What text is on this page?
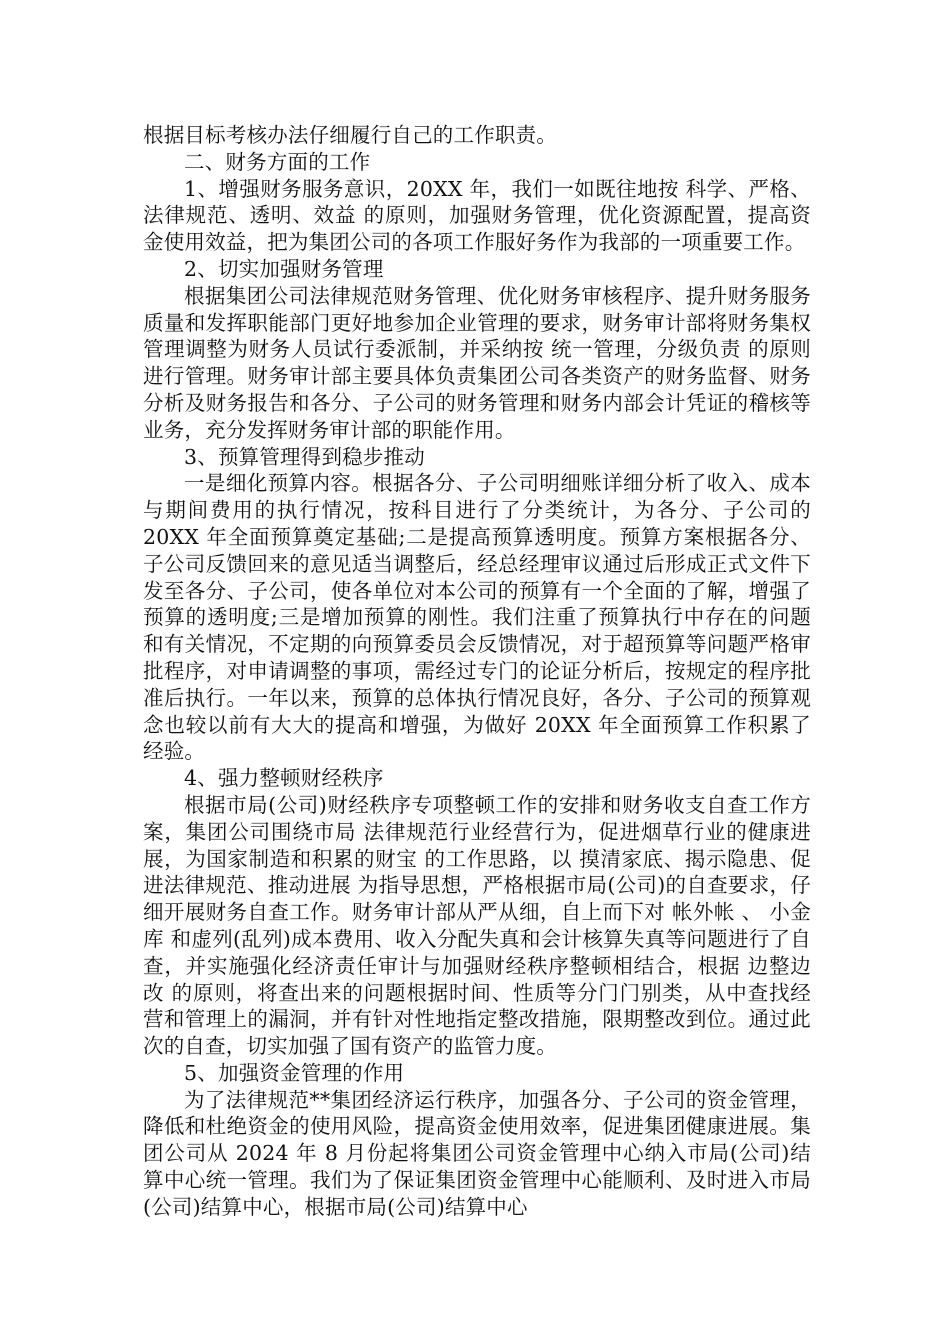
根据目标考核办法仔细履行自己的工作职责。

二、财务方面的工作

1、增强财务服务意识，20XX 年，我们一如既往地按 科学、严格、法律规范、透明、效益 的原则，加强财务管理，优化资源配置，提高资金使用效益，把为集团公司的各项工作服好务作为我部的一项重要工作。

2、切实加强财务管理

根据集团公司法律规范财务管理、优化财务审核程序、提升财务服务质量和发挥职能部门更好地参加企业管理的要求，财务审计部将财务集权管理调整为财务人员试行委派制，并采纳按 统一管理，分级负责 的原则进行管理。财务审计部主要具体负责集团公司各类资产的财务监督、财务分析及财务报告和各分、子公司的财务管理和财务内部会计凭证的稽核等业务，充分发挥财务审计部的职能作用。

3、预算管理得到稳步推动

一是细化预算内容。根据各分、子公司明细账详细分析了收入、成本与期间费用的执行情况，按科目进行了分类统计，为各分、子公司的 20XX 年全面预算奠定基础;二是提高预算透明度。预算方案根据各分、子公司反馈回来的意见适当调整后，经总经理审议通过后形成正式文件下发至各分、子公司，使各单位对本公司的预算有一个全面的了解，增强了预算的透明度;三是增加预算的刚性。我们注重了预算执行中存在的问题和有关情况，不定期的向预算委员会反馈情况，对于超预算等问题严格审批程序，对申请调整的事项，需经过专门的论证分析后，按规定的程序批准后执行。一年以来，预算的总体执行情况良好，各分、子公司的预算观念也较以前有大大的提高和增强，为做好 20XX 年全面预算工作积累了经验。

4、强力整顿财经秩序

根据市局(公司)财经秩序专项整顿工作的安排和财务收支自查工作方案，集团公司围绕市局 法律规范行业经营行为，促进烟草行业的健康进展，为国家制造和积累的财宝 的工作思路，以 摸清家底、揭示隐患、促进法律规范、推动进展 为指导思想，严格根据市局(公司)的自查要求，仔细开展财务自查工作。财务审计部从严从细，自上而下对 帐外帐 、 小金库 和虚列(乱列)成本费用、收入分配失真和会计核算失真等问题进行了自查，并实施强化经济责任审计与加强财经秩序整顿相结合，根据 边整边改 的原则，将查出来的问题根据时间、性质等分门门别类，从中查找经营和管理上的漏洞，并有针对性地指定整改措施，限期整改到位。通过此次的自查，切实加强了国有资产的监管力度。

5、加强资金管理的作用

为了法律规范**集团经济运行秩序，加强各分、子公司的资金管理，降低和杜绝资金的使用风险，提高资金使用效率，促进集团健康进展。集团公司从 2024 年 8 月份起将集团公司资金管理中心纳入市局(公司)结算中心统一管理。我们为了保证集团资金管理中心能顺利、及时进入市局(公司)结算中心，根据市局(公司)结算中心
